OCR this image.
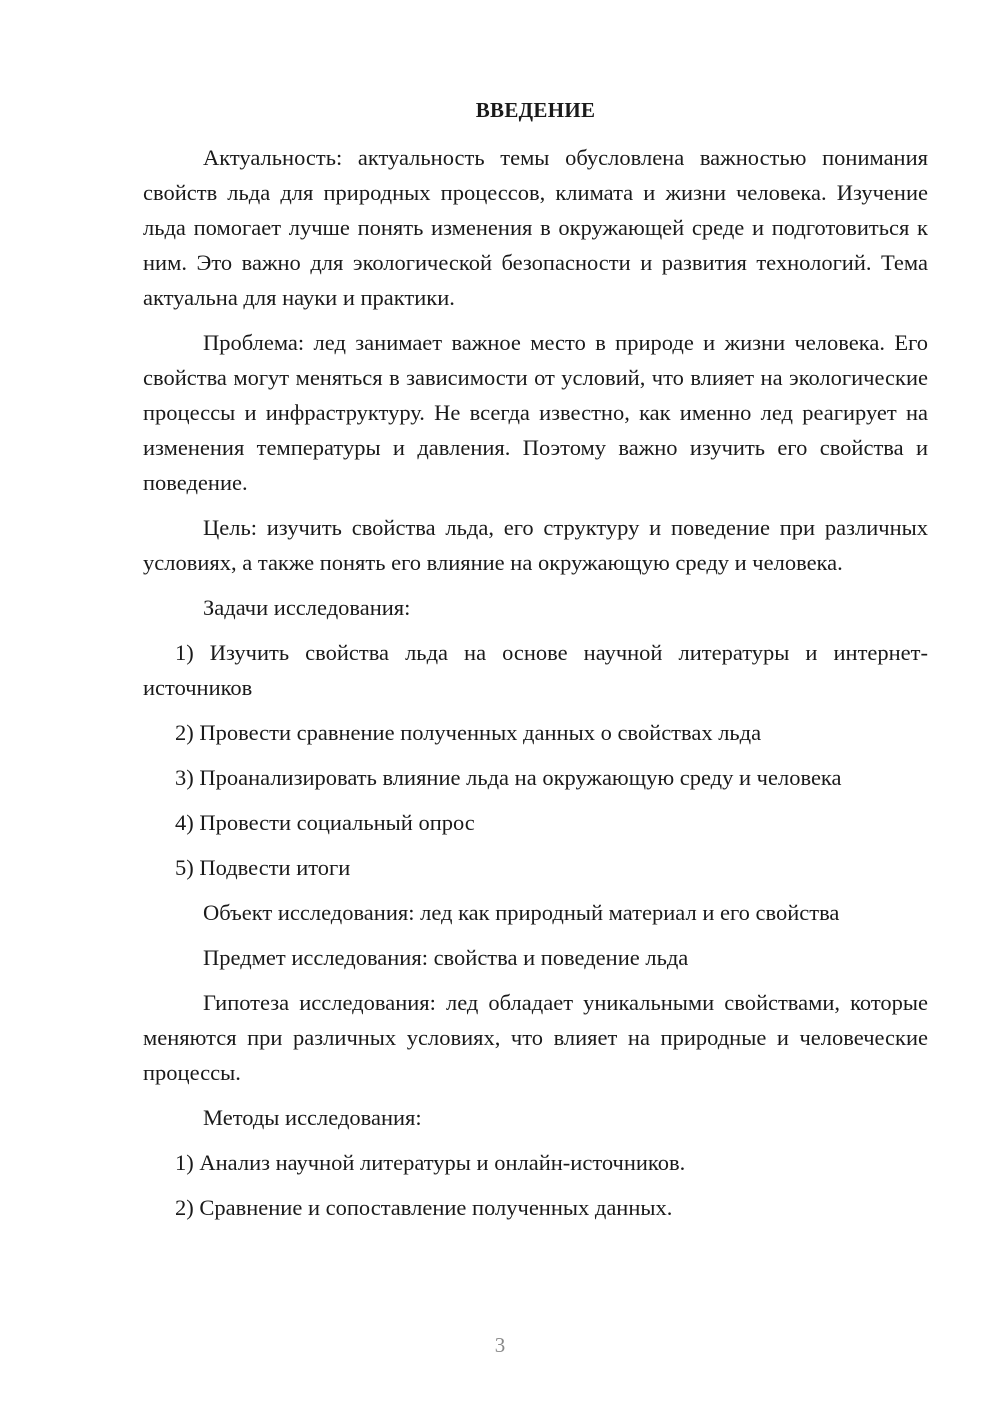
ВВЕДЕНИЕ

Актуальность: актуальность темы обусловлена важностью понимания свойств льда для природных процессов, климата и жизни человека. Изучение льда помогает лучше понять изменения в окружающей среде и подготовиться к ним. Это важно для экологической безопасности и развития технологий. Тема актуальна для науки и практики.

Проблема: лед занимает важное место в природе и жизни человека. Его свойства могут меняться в зависимости от условий, что влияет на экологические процессы и инфраструктуру. Не всегда известно, как именно лед реагирует на изменения температуры и давления. Поэтому важно изучить его свойства и поведение.

Цель: изучить свойства льда, его структуру и поведение при различных условиях, а также понять его влияние на окружающую среду и человека.

Задачи исследования:

1) Изучить свойства льда на основе научной литературы и интернет-источников

2) Провести сравнение полученных данных о свойствах льда

3) Проанализировать влияние льда на окружающую среду и человека

4) Провести социальный опрос

5) Подвести итоги

Объект исследования: лед как природный материал и его свойства

Предмет исследования: свойства и поведение льда

Гипотеза исследования: лед обладает уникальными свойствами, которые меняются при различных условиях, что влияет на природные и человеческие процессы.

Методы исследования:

1) Анализ научной литературы и онлайн-источников.

2) Сравнение и сопоставление полученных данных.

3
